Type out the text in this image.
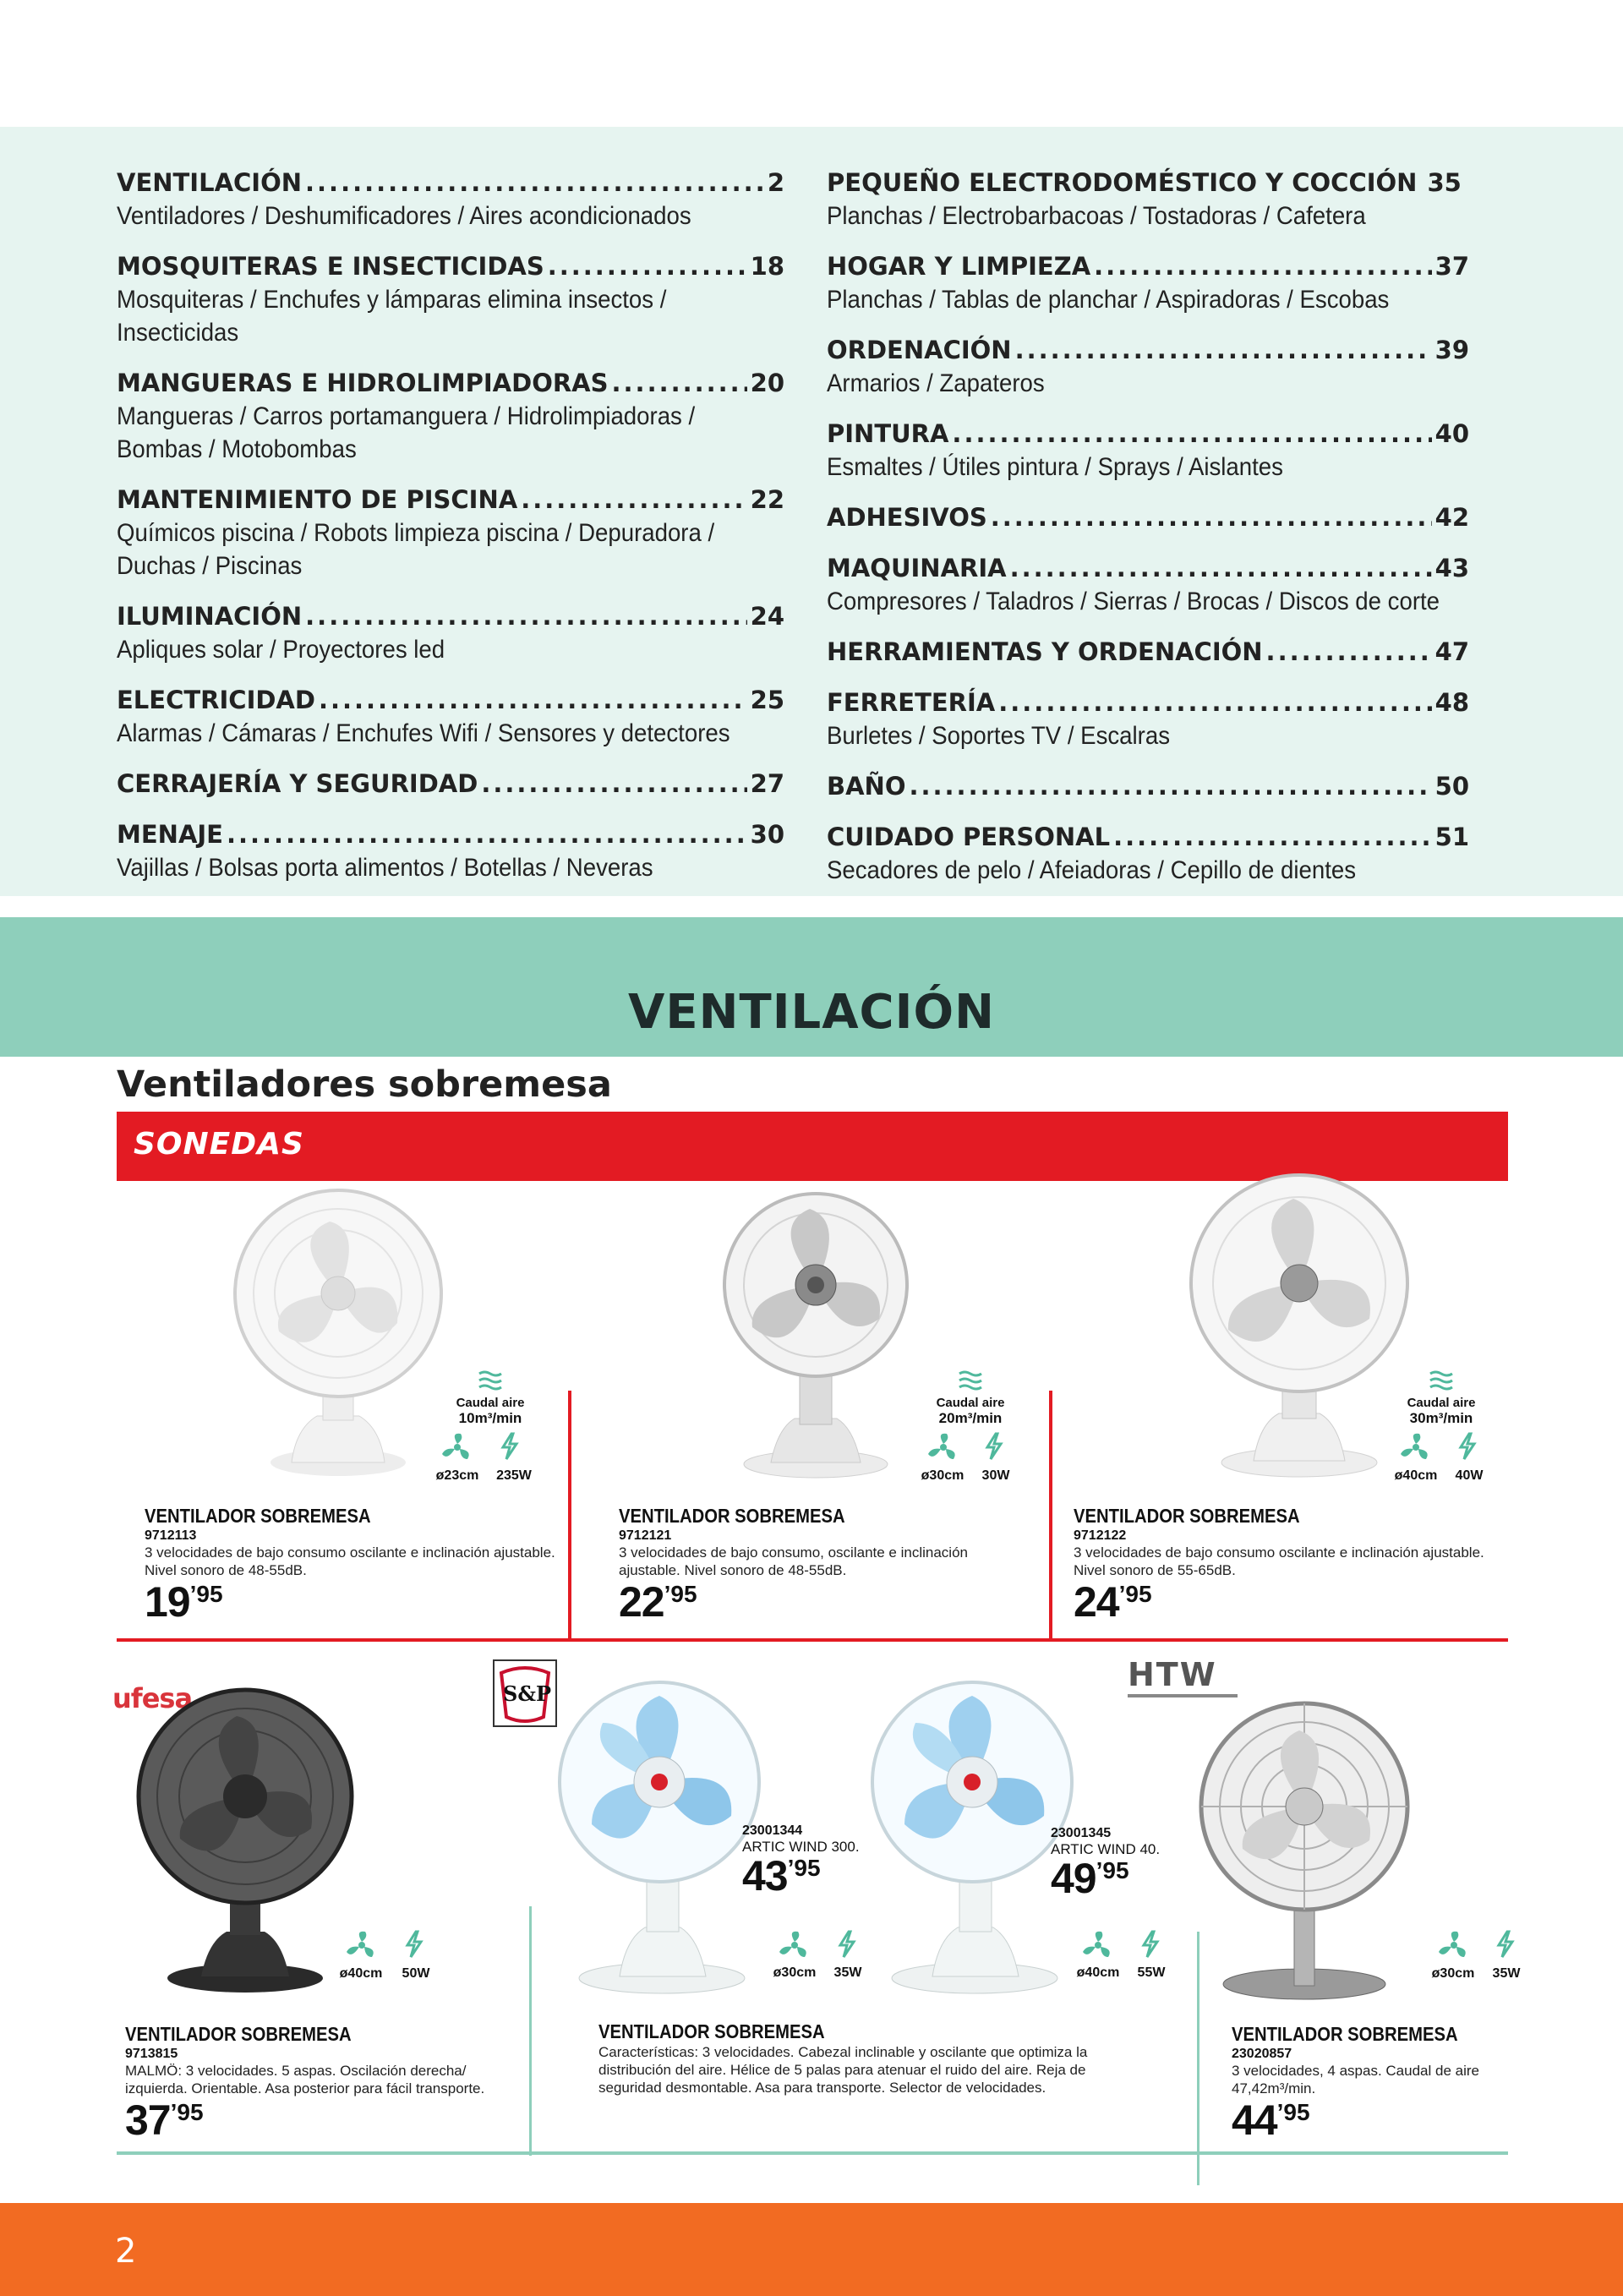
VENTILACIÓN .....	2
Ventiladores / Deshumificadores / Aires acondicionados
MOSQUITERAS E INSECTICIDAS .....	18
Mosquiteras / Enchufes y lámparas elimina insectos / Insecticidas
MANGUERAS E HIDROLIMPIADORAS .....	20
Mangueras / Carros portamanguera / Hidrolimpiadoras / Bombas / Motobombas
MANTENIMIENTO DE PISCINA .....	22
Químicos piscina / Robots limpieza piscina / Depuradora / Duchas / Piscinas
ILUMINACIÓN .....	24
Apliques solar / Proyectores led
ELECTRICIDAD .....	25
Alarmas / Cámaras / Enchufes Wifi / Sensores y detectores
CERRAJERÍA Y SEGURIDAD .....	27
MENAJE .....	30
Vajillas / Bolsas porta alimentos / Botellas / Neveras
PEQUEÑO ELECTRODOMÉSTICO Y COCCIÓN 35
Planchas / Electrobarbacoas / Tostadoras / Cafetera
HOGAR Y LIMPIEZA .....	37
Planchas / Tablas de planchar / Aspiradoras / Escobas
ORDENACIÓN .....	39
Armarios / Zapateros
PINTURA .....	40
Esmaltes / Útiles pintura / Sprays / Aislantes
ADHESIVOS .....	42
MAQUINARIA .....	43
Compresores / Taladros / Sierras / Brocas / Discos de corte
HERRAMIENTAS Y ORDENACIÓN .....	47
FERRETERÍA .....	48
Burletes / Soportes TV / Escalras
BAÑO .....	50
CUIDADO PERSONAL .....	51
Secadores de pelo / Afeiadoras / Cepillo de dientes
VENTILACIÓN
Ventiladores sobremesa
SONEDAS
Caudal aire
10m³/min
ø23cm	235W
VENTILADOR SOBREMESA
9712113
3 velocidades de bajo consumo oscilante e inclinación ajustable. Nivel sonoro de 48-55dB.
19’95
Caudal aire
20m³/min
ø30cm	30W
VENTILADOR SOBREMESA
9712121
3 velocidades de bajo consumo, oscilante e inclinación ajustable. Nivel sonoro de 48-55dB.
22’95
Caudal aire
30m³/min
ø40cm	40W
VENTILADOR SOBREMESA
9712122
3 velocidades de bajo consumo oscilante e inclinación ajustable. Nivel sonoro de 55-65dB.
24’95
ufesa
ø40cm	50W
VENTILADOR SOBREMESA
9713815
MALMÖ: 3 velocidades. 5 aspas. Oscilación derecha/ izquierda. Orientable. Asa posterior para fácil transporte.
37’95
S&P
23001344
ARTIC WIND 300.
43’95
ø30cm	35W
23001345
ARTIC WIND 40.
49’95
ø40cm	55W
VENTILADOR SOBREMESA
Características: 3 velocidades. Cabezal inclinable y oscilante que optimiza la distribución del aire. Hélice de 5 palas para atenuar el ruido del aire. Reja de seguridad desmontable. Asa para transporte. Selector de velocidades.
HTW
ø30cm	35W
VENTILADOR SOBREMESA
23020857
3 velocidades, 4 aspas. Caudal de aire 47,42m³/min.
44’95
2
